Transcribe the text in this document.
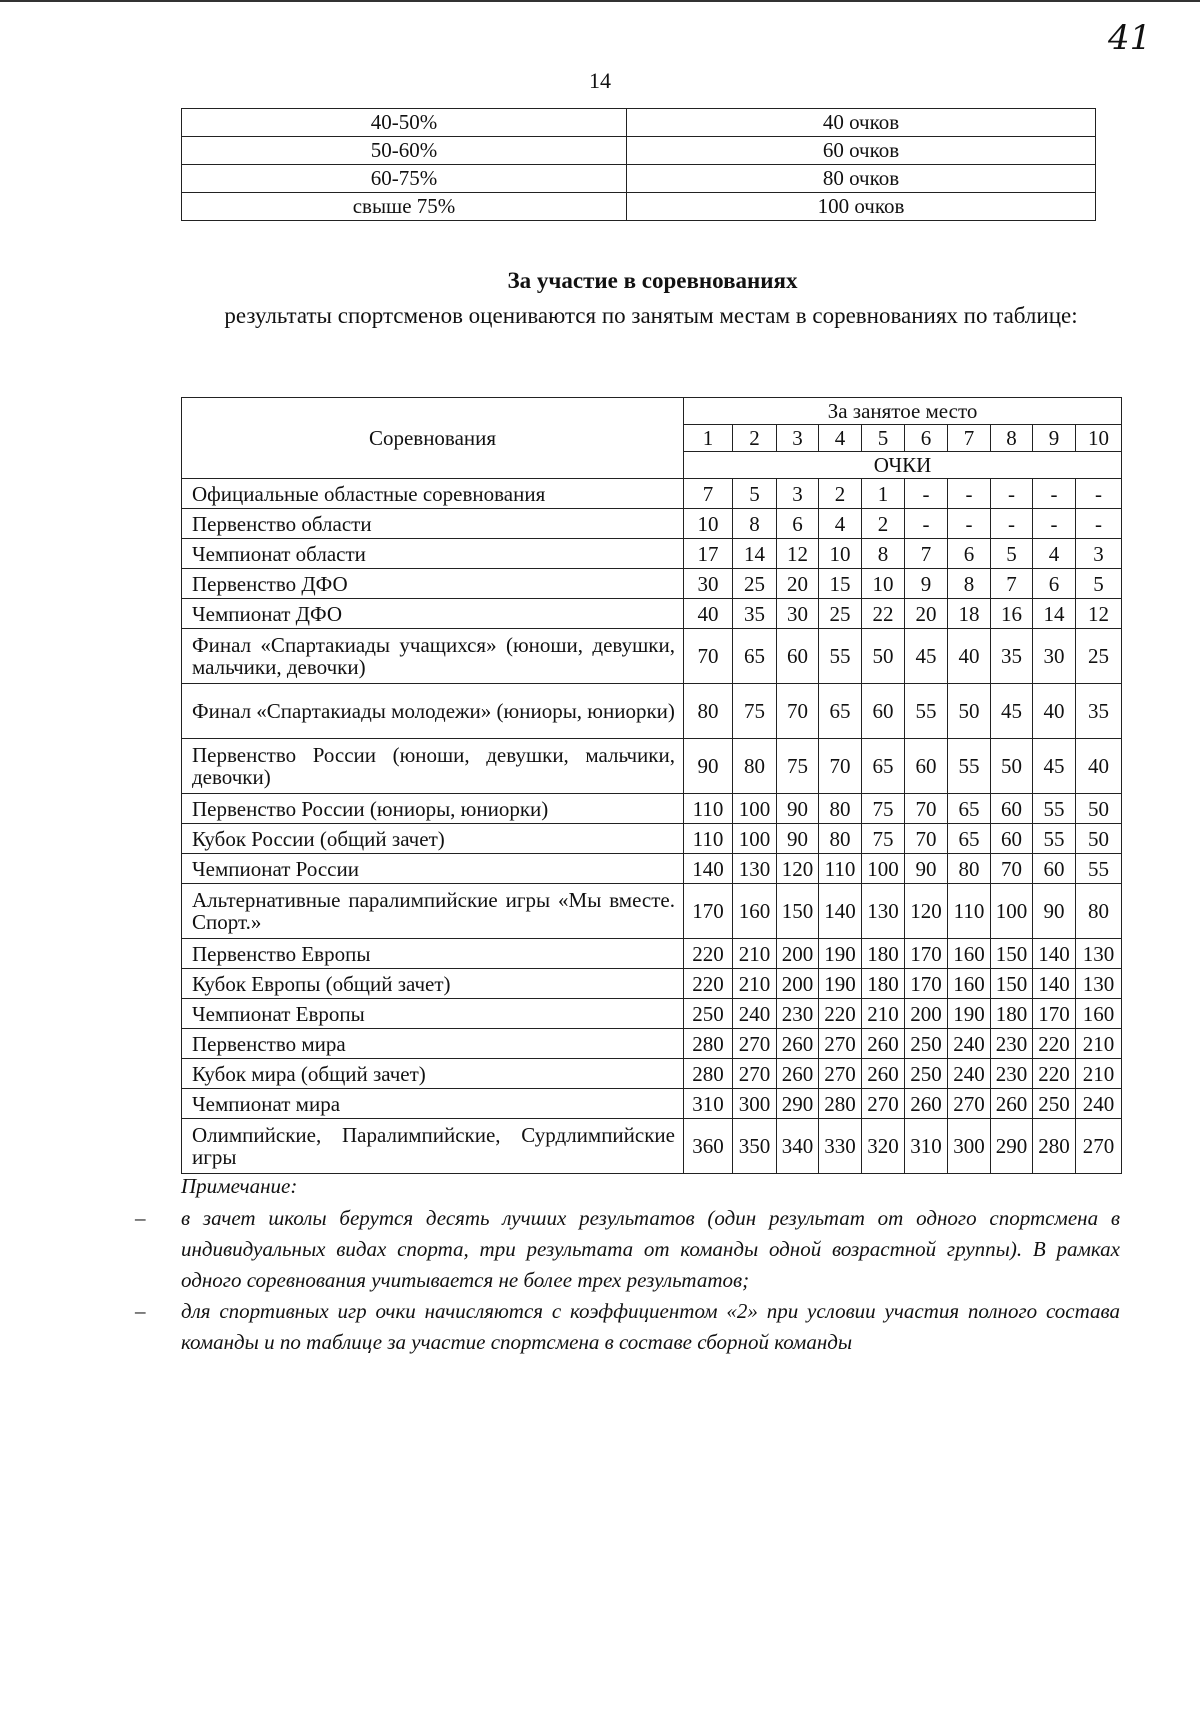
41
14
40-50%	40 очков
50-60%	60 очков
60-75%	80 очков
свыше 75%	100 очков
За участие в соревнованиях
результаты спортсменов оцениваются по занятым местам в соревнованиях по таблице:
Соревнования	За занятое место									
	1	2	3	4	5	6	7	8	9	10
	ОЧКИ									
Официальные областные соревнования	7	5	3	2	1	-	-	-	-	-
Первенство области	10	8	6	4	2	-	-	-	-	-
Чемпионат области	17	14	12	10	8	7	6	5	4	3
Первенство ДФО	30	25	20	15	10	9	8	7	6	5
Чемпионат ДФО	40	35	30	25	22	20	18	16	14	12
Финал «Спартакиады учащихся» (юноши, девушки, мальчики, девочки)	70	65	60	55	50	45	40	35	30	25
Финал «Спартакиады молодежи» (юниоры, юниорки)	80	75	70	65	60	55	50	45	40	35
Первенство России (юноши, девушки, мальчики, девочки)	90	80	75	70	65	60	55	50	45	40
Первенство России (юниоры, юниорки)	110	100	90	80	75	70	65	60	55	50
Кубок России (общий зачет)	110	100	90	80	75	70	65	60	55	50
Чемпионат России	140	130	120	110	100	90	80	70	60	55
Альтернативные паралимпийские игры «Мы вместе. Спорт.»	170	160	150	140	130	120	110	100	90	80
Первенство Европы	220	210	200	190	180	170	160	150	140	130
Кубок Европы (общий зачет)	220	210	200	190	180	170	160	150	140	130
Чемпионат Европы	250	240	230	220	210	200	190	180	170	160
Первенство мира	280	270	260	270	260	250	240	230	220	210
Кубок мира (общий зачет)	280	270	260	270	260	250	240	230	220	210
Чемпионат мира	310	300	290	280	270	260	270	260	250	240
Олимпийские, Паралимпийские, Сурдлимпийские игры	360	350	340	330	320	310	300	290	280	270
Примечание:
– в зачет школы берутся десять лучших результатов (один результат от одного спортсмена в индивидуальных видах спорта, три результата от команды одной возрастной группы). В рамках одного соревнования учитывается не более трех результатов;
– для спортивных игр очки начисляются с коэффициентом «2» при условии участия полного состава команды и по таблице за участие спортсмена в составе сборной команды
